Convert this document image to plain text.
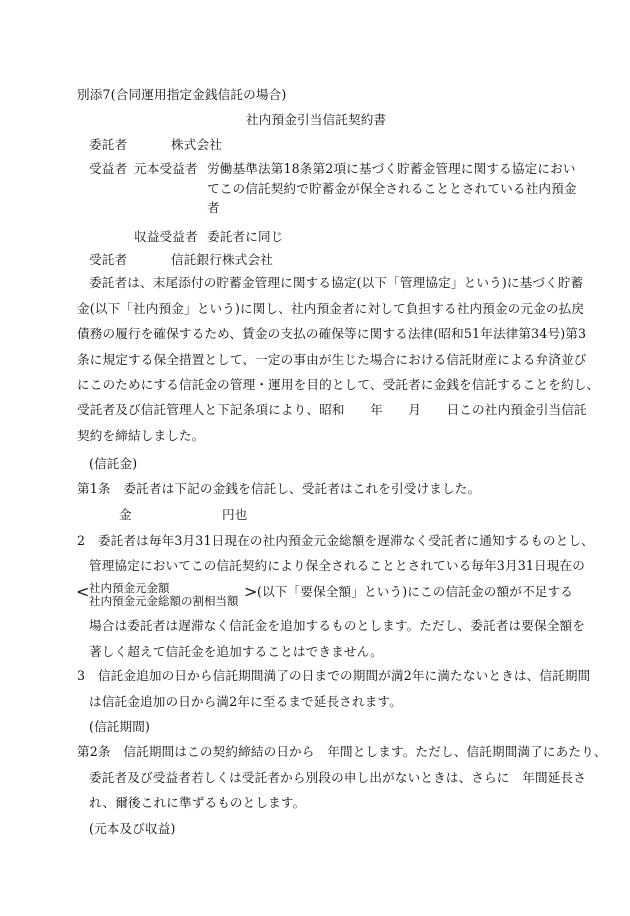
別添7(合同運用指定金銭信託の場合)
社内預金引当信託契約書
委託者	株式会社
受益者 元本受益者 労働基準法第18条第2項に基づく貯蓄金管理に関する協定におい
てこの信託契約で貯蓄金が保全されることとされている社内預金
者
収益受益者 委託者に同じ
受託者	信託銀行株式会社
委託者は、末尾添付の貯蓄金管理に関する協定(以下「管理協定」という)に基づく貯蓄
金(以下「社内預金」という)に関し、社内預金者に対して負担する社内預金の元金の払戻
債務の履行を確保するため、賃金の支払の確保等に関する法律(昭和51年法律第34号)第3
条に規定する保全措置として、一定の事由が生じた場合における信託財産による弁済並び
にこのためにする信託金の管理・運用を目的として、受託者に金銭を信託することを約し、
受託者及び信託管理人と下記条項により、昭和　　年　　月　　日この社内預金引当信託
契約を締結しました。
(信託金)
第1条　委託者は下記の金銭を信託し、受託者はこれを引受けました。
金	円也
2　委託者は毎年3月31日現在の社内預金元金総額を遅滞なく受託者に通知するものとし、
管理協定においてこの信託契約により保全されることとされている毎年3月31日現在の
< 社内預金元金額
社内預金元金総額の割相当額 > (以下「要保全額」という)にこの信託金の額が不足する
場合は委託者は遅滞なく信託金を追加するものとします。ただし、委託者は要保全額を
著しく超えて信託金を追加することはできません。
3　信託金追加の日から信託期間満了の日までの期間が満2年に満たないときは、信託期間
は信託金追加の日から満2年に至るまで延長されます。
(信託期間)
第2条　信託期間はこの契約締結の日から　年間とします。ただし、信託期間満了にあたり、
委託者及び受益者若しくは受託者から別段の申し出がないときは、さらに　年間延長さ
れ、爾後これに準ずるものとします。
(元本及び収益)
